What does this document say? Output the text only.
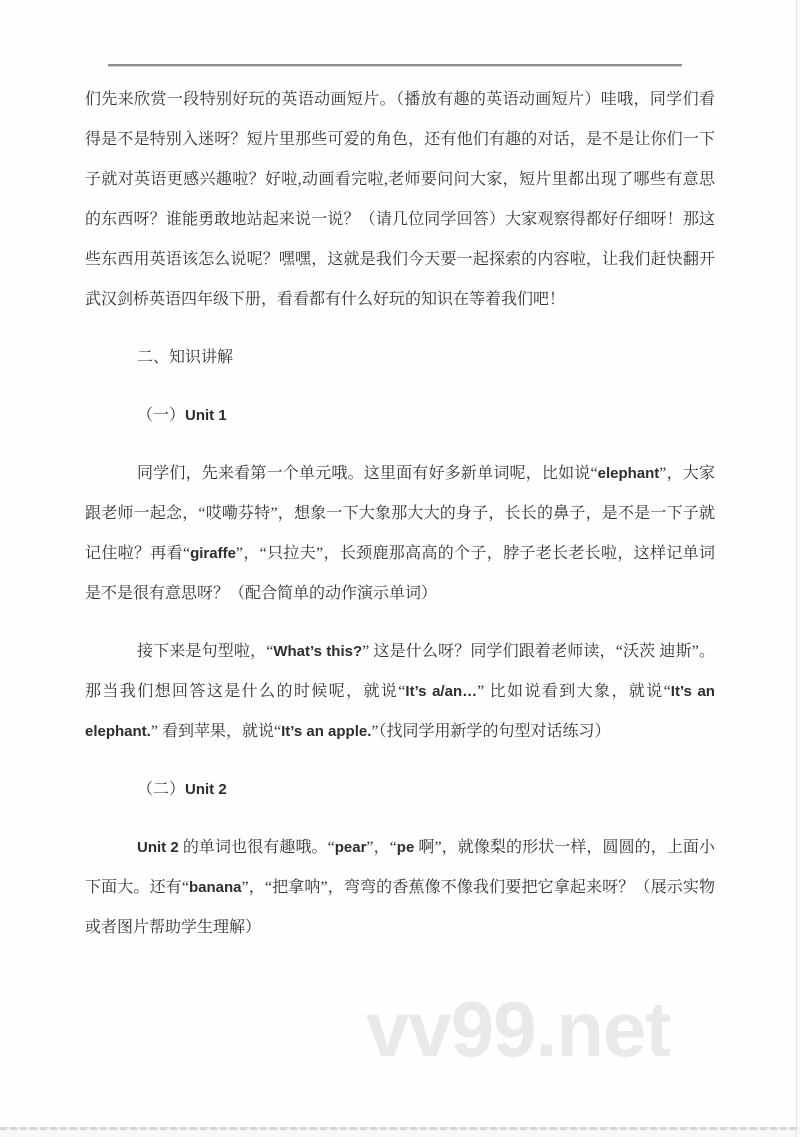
vv99.net

们先来欣赏一段特别好玩的英语动画短片。（播放有趣的英语动画短片）哇哦，同学们看得是不是特别入迷呀？短片里那些可爱的角色，还有他们有趣的对话，是不是让你们一下子就对英语更感兴趣啦？好啦,动画看完啦,老师要问问大家，短片里都出现了哪些有意思的东西呀？谁能勇敢地站起来说一说？（请几位同学回答）大家观察得都好仔细呀！那这些东西用英语该怎么说呢？嘿嘿，这就是我们今天要一起探索的内容啦，让我们赶快翻开武汉剑桥英语四年级下册，看看都有什么好玩的知识在等着我们吧！

二、知识讲解

（一）Unit 1

同学们，先来看第一个单元哦。这里面有好多新单词呢，比如说“elephant”，大家跟老师一起念，“哎嘞芬特”，想象一下大象那大大的身子，长长的鼻子，是不是一下子就记住啦？再看“giraffe”，“只拉夫”，长颈鹿那高高的个子，脖子老长老长啦，这样记单词是不是很有意思呀？（配合简单的动作演示单词）

接下来是句型啦，“What’s this?” 这是什么呀？同学们跟着老师读，“沃茨 迪斯”。那当我们想回答这是什么的时候呢，就说“It’s a/an…” 比如说看到大象，就说“It’s an elephant.” 看到苹果，就说“It’s an apple.”（找同学用新学的句型对话练习）

（二）Unit 2

Unit 2 的单词也很有趣哦。“pear”，“pe 啊”，就像梨的形状一样，圆圆的，上面小下面大。还有“banana”，“把拿呐”，弯弯的香蕉像不像我们要把它拿起来呀？（展示实物或者图片帮助学生理解）
